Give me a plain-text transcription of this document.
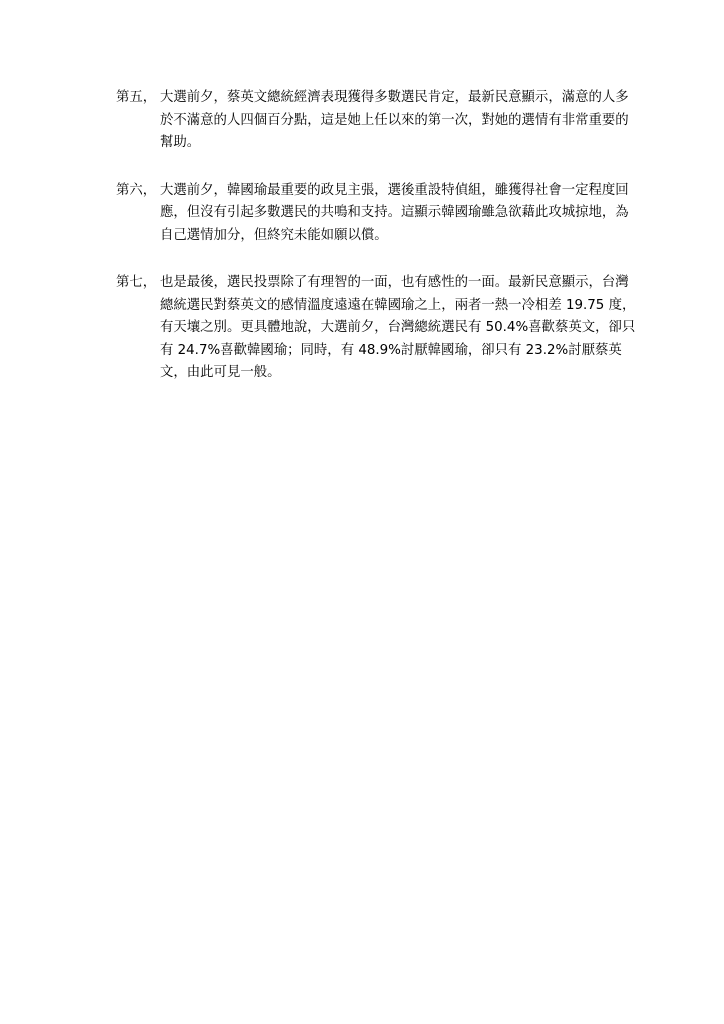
第五， 大選前夕，蔡英文總統經濟表現獲得多數選民肯定，最新民意顯示，滿意的人多於不滿意的人四個百分點，這是她上任以來的第一次，對她的選情有非常重要的幫助。

第六， 大選前夕，韓國瑜最重要的政見主張，選後重設特偵組，雖獲得社會一定程度回應，但沒有引起多數選民的共鳴和支持。這顯示韓國瑜雖急欲藉此攻城掠地，為自己選情加分，但終究未能如願以償。

第七， 也是最後，選民投票除了有理智的一面，也有感性的一面。最新民意顯示，台灣總統選民對蔡英文的感情溫度遠遠在韓國瑜之上，兩者一熱一冷相差 19.75 度，有天壤之別。更具體地說，大選前夕，台灣總統選民有 50.4%喜歡蔡英文，卻只有 24.7%喜歡韓國瑜；同時，有 48.9%討厭韓國瑜，卻只有 23.2%討厭蔡英文，由此可見一般。
